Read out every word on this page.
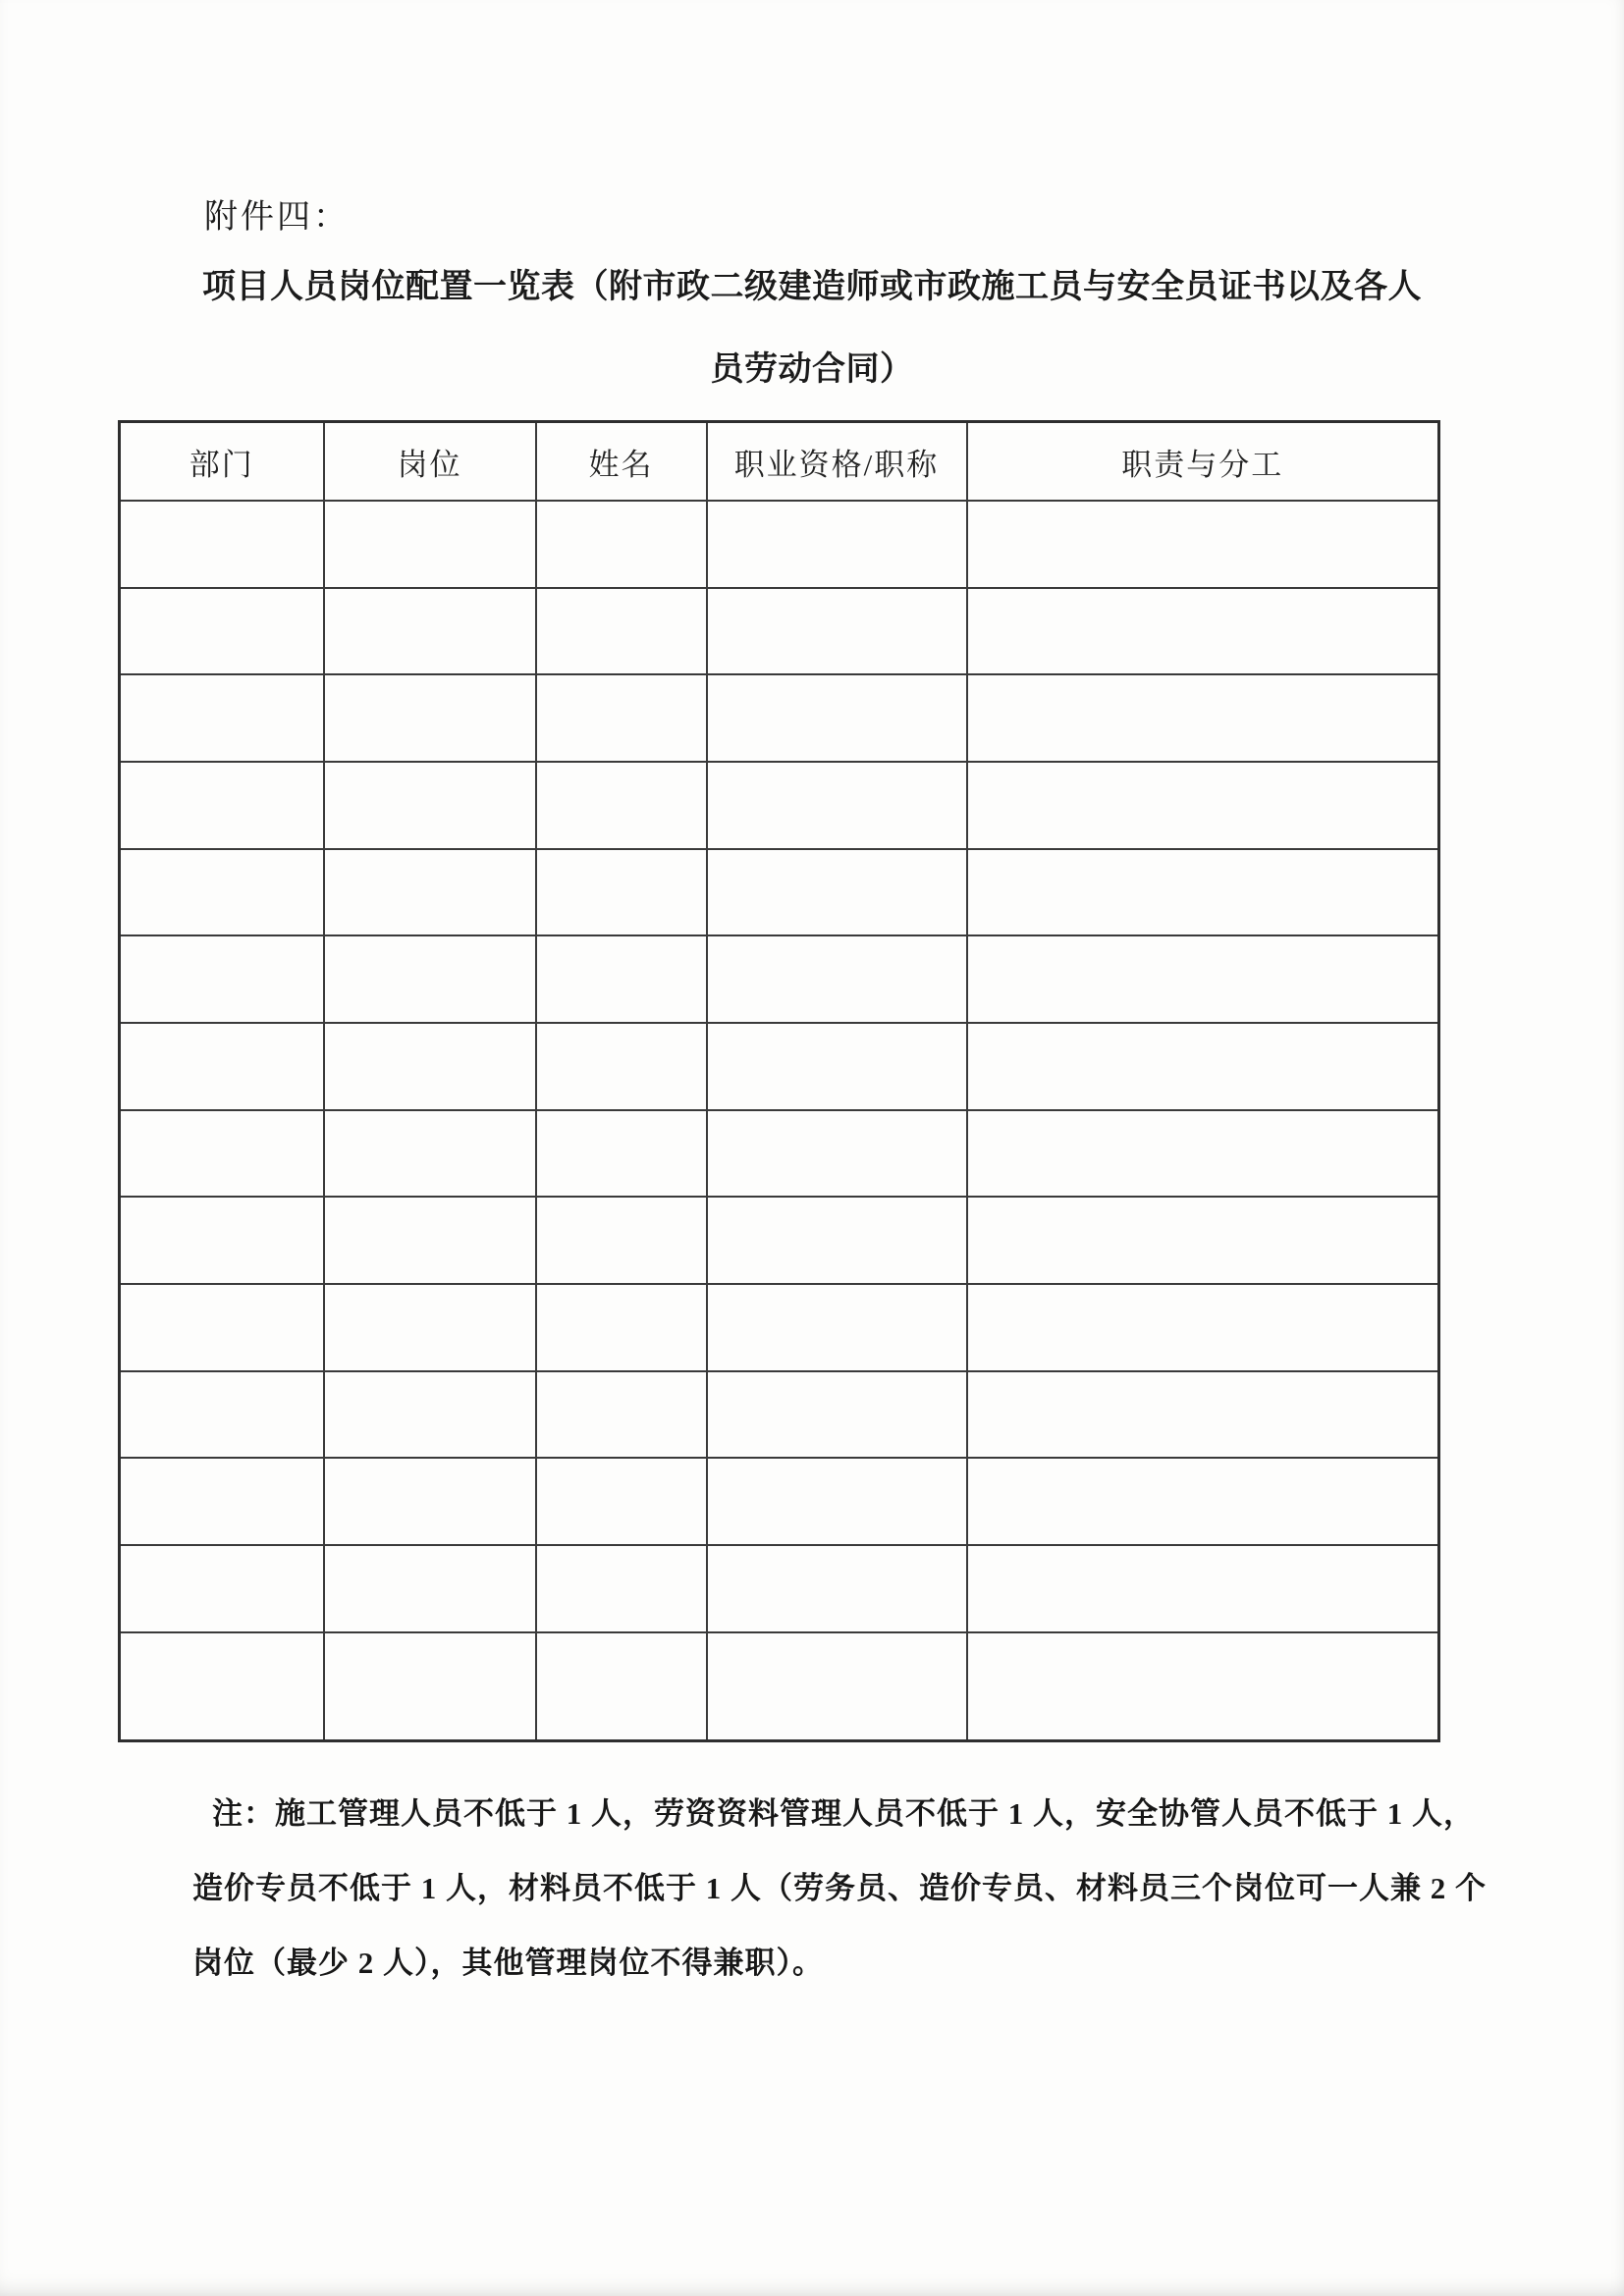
附件四：
项目人员岗位配置一览表（附市政二级建造师或市政施工员与安全员证书以及各人
员劳动合同）
部门	岗位	姓名	职业资格/职称	职责与分工

注：施工管理人员不低于 1 人，劳资资料管理人员不低于 1 人，安全协管人员不低于 1 人，
造价专员不低于 1 人，材料员不低于 1 人（劳务员、造价专员、材料员三个岗位可一人兼 2 个
岗位（最少 2 人），其他管理岗位不得兼职）。
